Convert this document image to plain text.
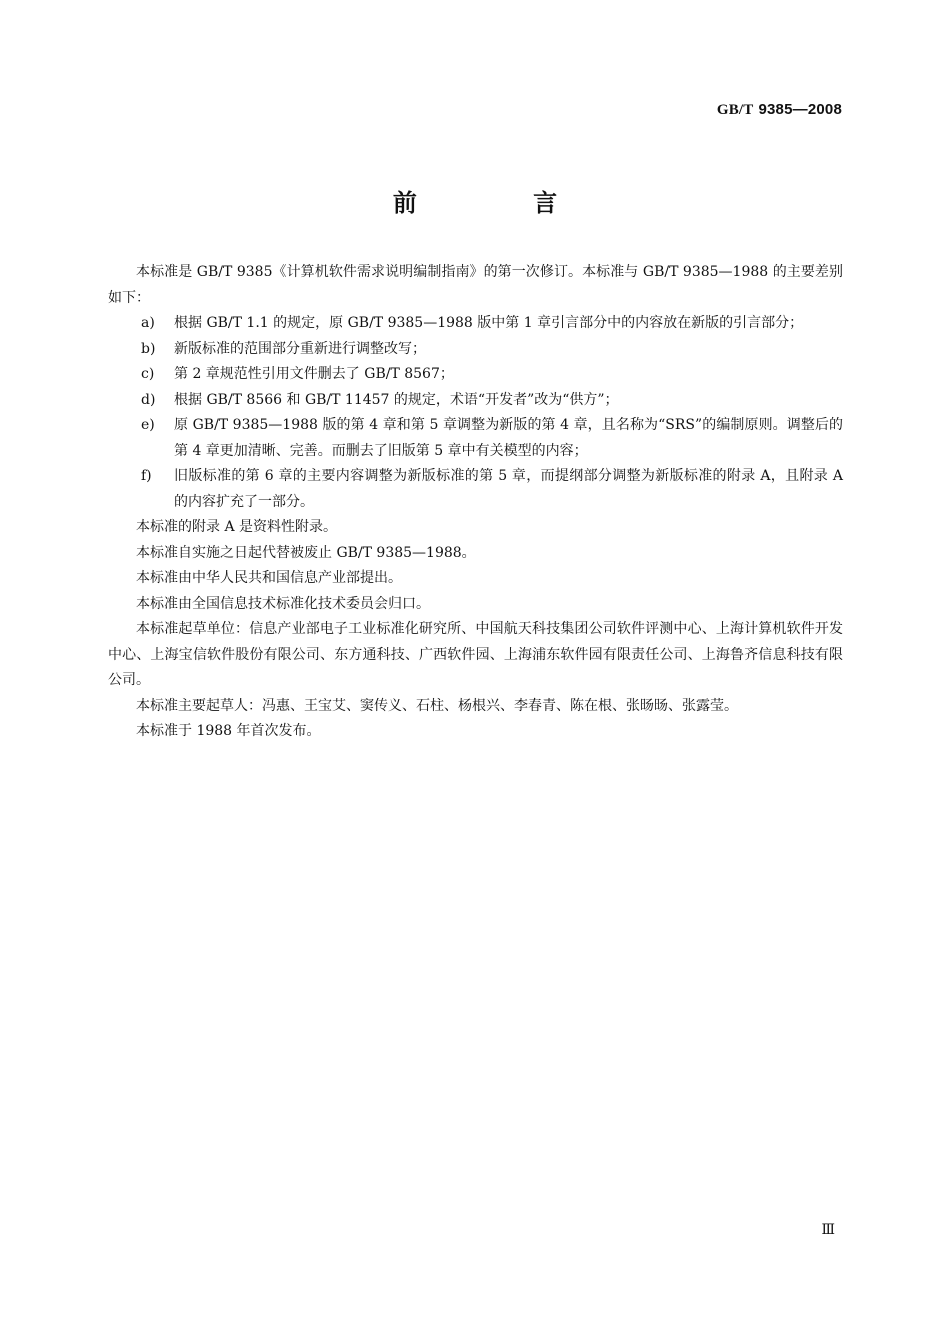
GB/T 9385—2008
前 言

本标准是 GB/T 9385《计算机软件需求说明编制指南》的第一次修订。本标准与 GB/T 9385—1988 的主要差别如下：

a) 根据 GB/T 1.1 的规定，原 GB/T 9385—1988 版中第 1 章引言部分中的内容放在新版的引言部分；
b) 新版标准的范围部分重新进行调整改写；
c) 第 2 章规范性引用文件删去了 GB/T 8567；
d) 根据 GB/T 8566 和 GB/T 11457 的规定，术语“开发者”改为“供方”；
e) 原 GB/T 9385—1988 版的第 4 章和第 5 章调整为新版的第 4 章，且名称为“SRS”的编制原则。调整后的第 4 章更加清晰、完善。而删去了旧版第 5 章中有关模型的内容；
f) 旧版标准的第 6 章的主要内容调整为新版标准的第 5 章，而提纲部分调整为新版标准的附录 A，且附录 A 的内容扩充了一部分。

本标准的附录 A 是资料性附录。

本标准自实施之日起代替被废止 GB/T 9385—1988。

本标准由中华人民共和国信息产业部提出。

本标准由全国信息技术标准化技术委员会归口。

本标准起草单位：信息产业部电子工业标准化研究所、中国航天科技集团公司软件评测中心、上海计算机软件开发中心、上海宝信软件股份有限公司、东方通科技、广西软件园、上海浦东软件园有限责任公司、上海鲁齐信息科技有限公司。

本标准主要起草人：冯惠、王宝艾、窦传义、石柱、杨根兴、李春青、陈在根、张旸旸、张露莹。

本标准于 1988 年首次发布。

Ⅲ
